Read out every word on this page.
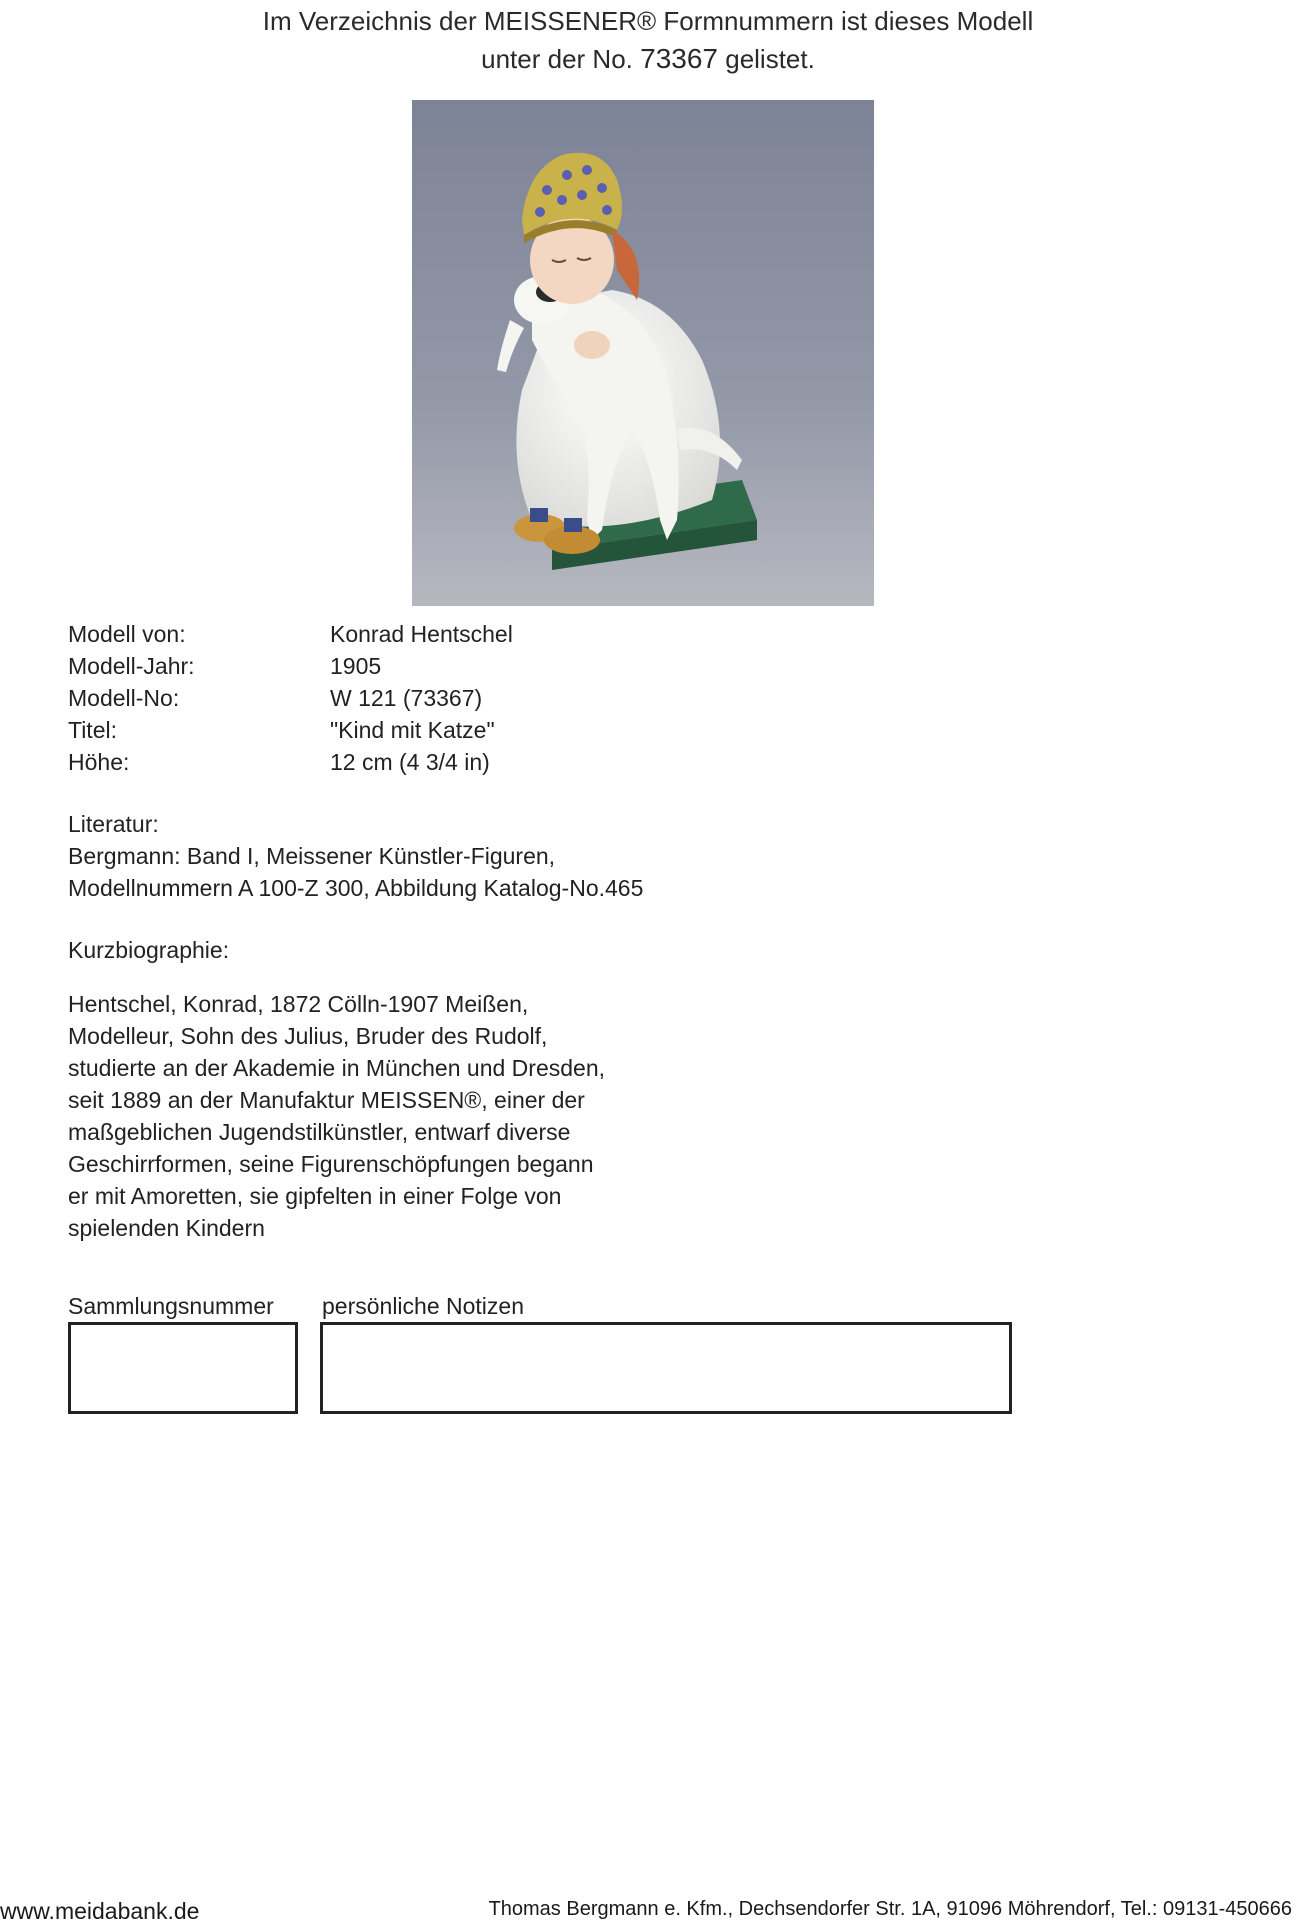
Im Verzeichnis der MEISSENER® Formnummern ist dieses Modell
unter der No. 73367 gelistet.
Modell von:	Konrad Hentschel
Modell-Jahr:	1905
Modell-No:	W 121 (73367)
Titel:	"Kind mit Katze"
Höhe:	12 cm (4 3/4 in)
Literatur:
Bergmann: Band I, Meissener Künstler-Figuren,
Modellnummern A 100-Z 300, Abbildung Katalog-No.465
Kurzbiographie:
Hentschel, Konrad, 1872 Cölln-1907 Meißen,
Modelleur, Sohn des Julius, Bruder des Rudolf,
studierte an der Akademie in München und Dresden,
seit 1889 an der Manufaktur MEISSEN®, einer der
maßgeblichen Jugendstilkünstler, entwarf diverse
Geschirrformen, seine Figurenschöpfungen begann
er mit Amoretten, sie gipfelten in einer Folge von
spielenden Kindern
Sammlungsnummer persönliche Notizen
www.meidabank.de	Thomas Bergmann e. Kfm., Dechsendorfer Str. 1A, 91096 Möhrendorf, Tel.: 09131-450666
